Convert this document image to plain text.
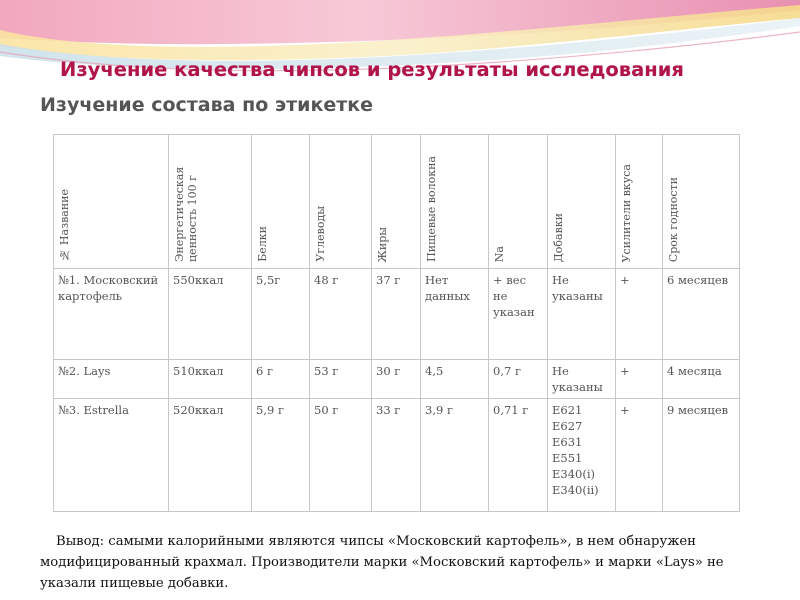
Изучение качества чипсов и результаты исследования
Изучение состава по этикетке
№ Название	Энергетическая ценность 100 г	Белки	Углеводы	Жиры	Пищевые волокна	Na	Добавки	Усилители вкуса	Срок годности

№1. Московский картофель	550ккал	5,5г	48 г	37 г	Нет данных	+ вес не указан	Не указаны	+	6 месяцев
№2. Lays	510ккал	6 г	53 г	30 г	4,5	0,7 г	Не указаны	+	4 месяца
№3. Estrella	520ккал	5,9 г	50 г	33 г	3,9 г	0,71 г	E621 E627 E631 E551 E340(i) E340(ii)	+	9 месяцев
Вывод: самыми калорийными являются чипсы «Московский картофель», в нем обнаружен модифицированный крахмал. Производители марки «Московский картофель» и марки «Lays» не указали пищевые добавки.
